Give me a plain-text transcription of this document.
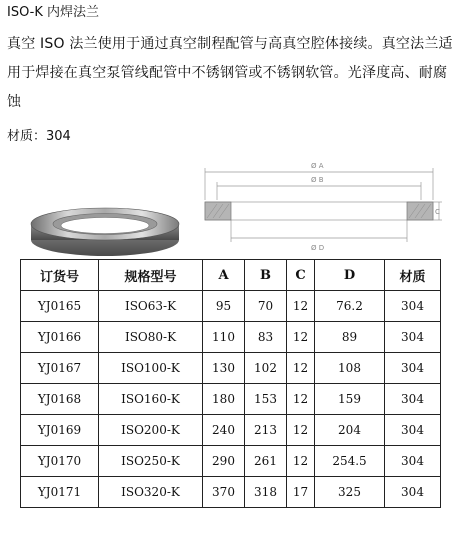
ISO-K 内焊法兰
真空 ISO 法兰使用于通过真空制程配管与高真空腔体接续。真空法兰适用于焊接在真空泵管线配管中不锈钢管或不锈钢软管。光泽度高、耐腐蚀
材质：304
Ø A
Ø B
Ø D
C
订货号	规格型号	A	B	C	D	材质
YJ0165	ISO63-K	95	70	12	76.2	304
YJ0166	ISO80-K	110	83	12	89	304
YJ0167	ISO100-K	130	102	12	108	304
YJ0168	ISO160-K	180	153	12	159	304
YJ0169	ISO200-K	240	213	12	204	304
YJ0170	ISO250-K	290	261	12	254.5	304
YJ0171	ISO320-K	370	318	17	325	304
